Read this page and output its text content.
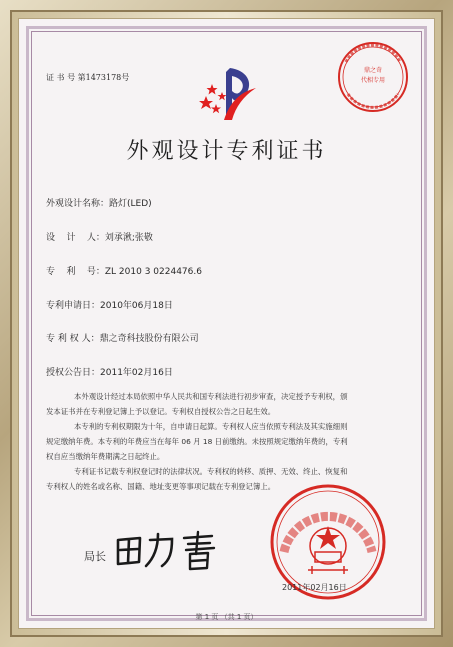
证 书 号 第1473178号
鼎之奇
代相专用
外观设计专利证书
外观设计名称：路灯(LED)
设    计    人：刘承湫;张敬
专    利    号：ZL 2010 3 0224476.6
专利申请日：2010年06月18日
专 利 权 人：鼎之奇科技股份有限公司
授权公告日：2011年02月16日
本外观设计经过本局依照中华人民共和国专利法进行初步审查，决定授予专利权，颁
发本证书并在专利登记簿上予以登记。专利权自授权公告之日起生效。
本专利的专利权期限为十年，自申请日起算。专利权人应当依照专利法及其实施细则
规定缴纳年费。本专利的年费应当在每年 06 月 18 日前缴纳。未按照规定缴纳年费的，专利
权自应当缴纳年费期满之日起终止。
专利证书记载专利权登记时的法律状况。专利权的转移、质押、无效、终止、恢复和
专利权人的姓名或名称、国籍、地址变更等事项记载在专利登记簿上。
局长
2011年02月16日
第 1 页 （共 1 页）
